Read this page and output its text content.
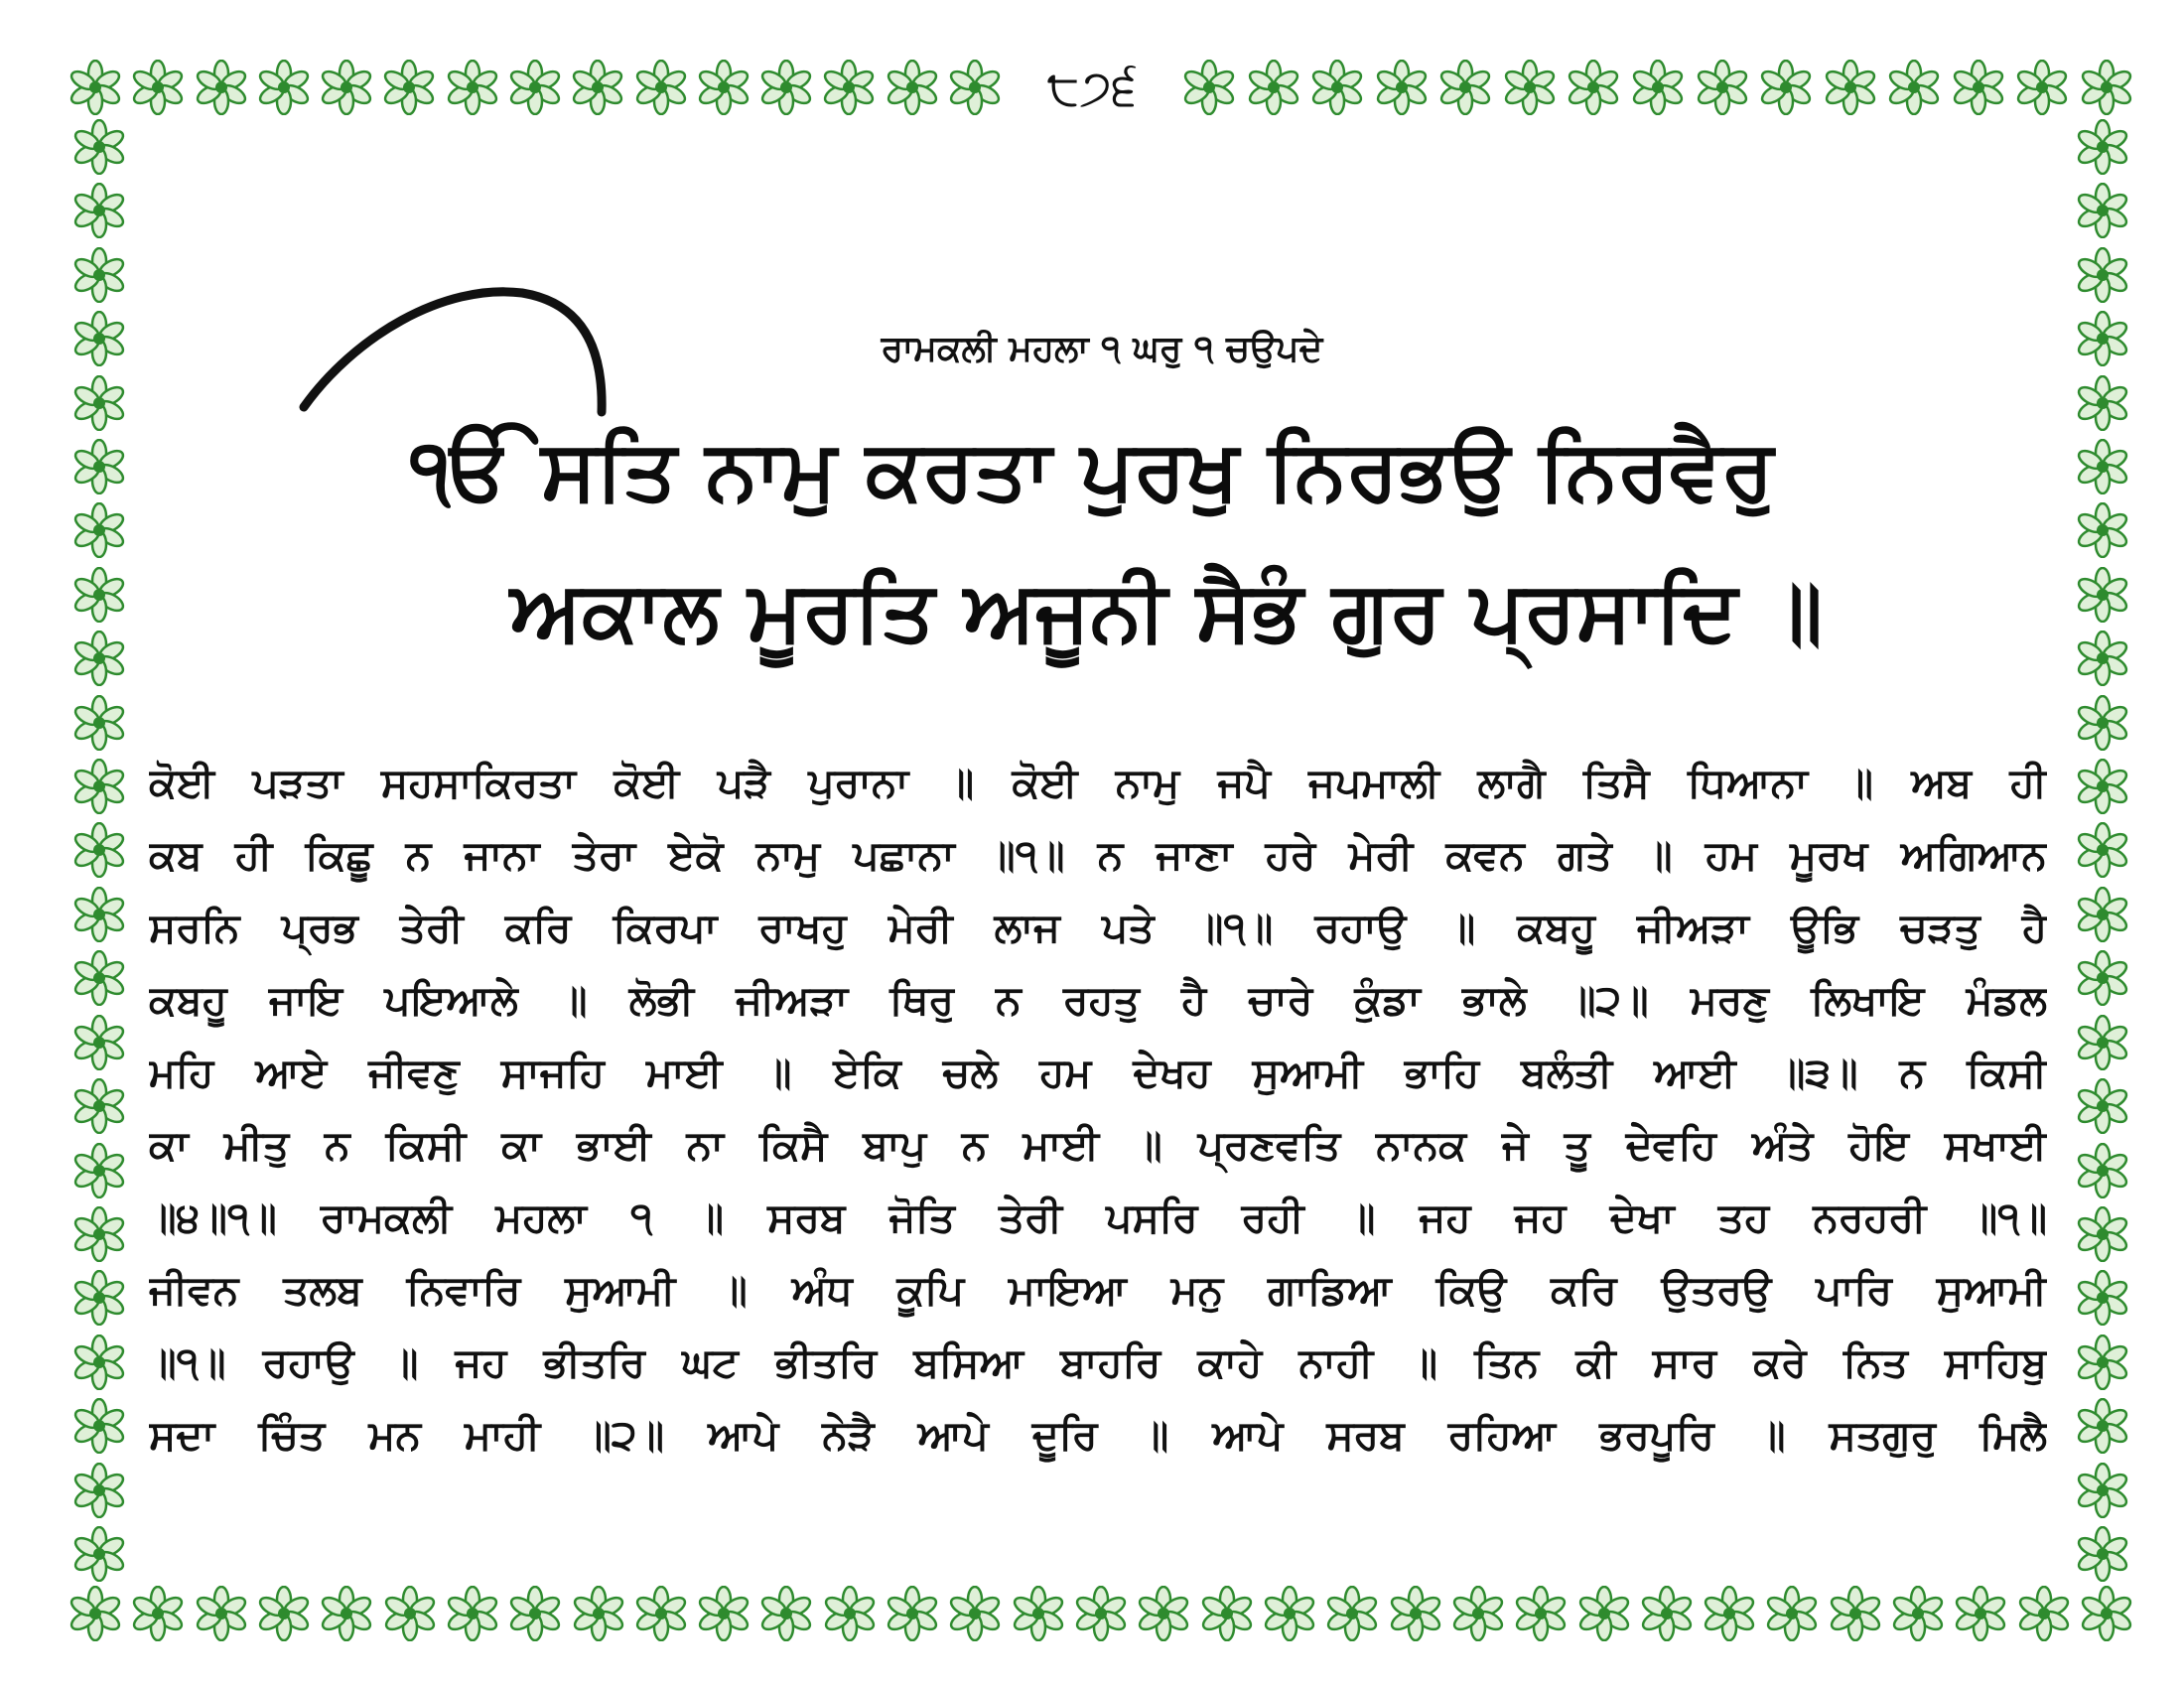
੮੭੬
ਰਾਮਕਲੀ ਮਹਲਾ ੧ ਘਰੁ ੧ ਚਉਪਦੇ
ੴ ਸਤਿ ਨਾਮੁ ਕਰਤਾ ਪੁਰਖੁ ਨਿਰਭਉ ਨਿਰਵੈਰੁ
ਅਕਾਲ ਮੂਰਤਿ ਅਜੂਨੀ ਸੈਭੰ ਗੁਰ ਪ੍ਰਸਾਦਿ ॥
ਕੋਈ ਪੜਤਾ ਸਹਸਾਕਿਰਤਾ ਕੋਈ ਪੜੈ ਪੁਰਾਨਾ ॥ ਕੋਈ ਨਾਮੁ ਜਪੈ ਜਪਮਾਲੀ ਲਾਗੈ ਤਿਸੈ ਧਿਆਨਾ ॥ ਅਬ ਹੀ
ਕਬ ਹੀ ਕਿਛੂ ਨ ਜਾਨਾ ਤੇਰਾ ਏਕੋ ਨਾਮੁ ਪਛਾਨਾ ॥੧॥ ਨ ਜਾਣਾ ਹਰੇ ਮੇਰੀ ਕਵਨ ਗਤੇ ॥ ਹਮ ਮੂਰਖ ਅਗਿਆਨ
ਸਰਨਿ ਪ੍ਰਭ ਤੇਰੀ ਕਰਿ ਕਿਰਪਾ ਰਾਖਹੁ ਮੇਰੀ ਲਾਜ ਪਤੇ ॥੧॥ ਰਹਾਉ ॥ ਕਬਹੂ ਜੀਅੜਾ ਊਭਿ ਚੜਤੁ ਹੈ
ਕਬਹੂ ਜਾਇ ਪਇਆਲੇ ॥ ਲੋਭੀ ਜੀਅੜਾ ਥਿਰੁ ਨ ਰਹਤੁ ਹੈ ਚਾਰੇ ਕੁੰਡਾ ਭਾਲੇ ॥੨॥ ਮਰਣੁ ਲਿਖਾਇ ਮੰਡਲ
ਮਹਿ ਆਏ ਜੀਵਣੁ ਸਾਜਹਿ ਮਾਈ ॥ ਏਕਿ ਚਲੇ ਹਮ ਦੇਖਹ ਸੁਆਮੀ ਭਾਹਿ ਬਲੰਤੀ ਆਈ ॥੩॥ ਨ ਕਿਸੀ
ਕਾ ਮੀਤੁ ਨ ਕਿਸੀ ਕਾ ਭਾਈ ਨਾ ਕਿਸੈ ਬਾਪੁ ਨ ਮਾਈ ॥ ਪ੍ਰਣਵਤਿ ਨਾਨਕ ਜੇ ਤੂ ਦੇਵਹਿ ਅੰਤੇ ਹੋਇ ਸਖਾਈ
॥੪॥੧॥ ਰਾਮਕਲੀ ਮਹਲਾ ੧ ॥ ਸਰਬ ਜੋਤਿ ਤੇਰੀ ਪਸਰਿ ਰਹੀ ॥ ਜਹ ਜਹ ਦੇਖਾ ਤਹ ਨਰਹਰੀ ॥੧॥
ਜੀਵਨ ਤਲਬ ਨਿਵਾਰਿ ਸੁਆਮੀ ॥ ਅੰਧ ਕੂਪਿ ਮਾਇਆ ਮਨੁ ਗਾਡਿਆ ਕਿਉ ਕਰਿ ਉਤਰਉ ਪਾਰਿ ਸੁਆਮੀ
॥੧॥ ਰਹਾਉ ॥ ਜਹ ਭੀਤਰਿ ਘਟ ਭੀਤਰਿ ਬਸਿਆ ਬਾਹਰਿ ਕਾਹੇ ਨਾਹੀ ॥ ਤਿਨ ਕੀ ਸਾਰ ਕਰੇ ਨਿਤ ਸਾਹਿਬੁ
ਸਦਾ ਚਿੰਤ ਮਨ ਮਾਹੀ ॥੨॥ ਆਪੇ ਨੇੜੈ ਆਪੇ ਦੂਰਿ ॥ ਆਪੇ ਸਰਬ ਰਹਿਆ ਭਰਪੂਰਿ ॥ ਸਤਗੁਰੁ ਮਿਲੈ
